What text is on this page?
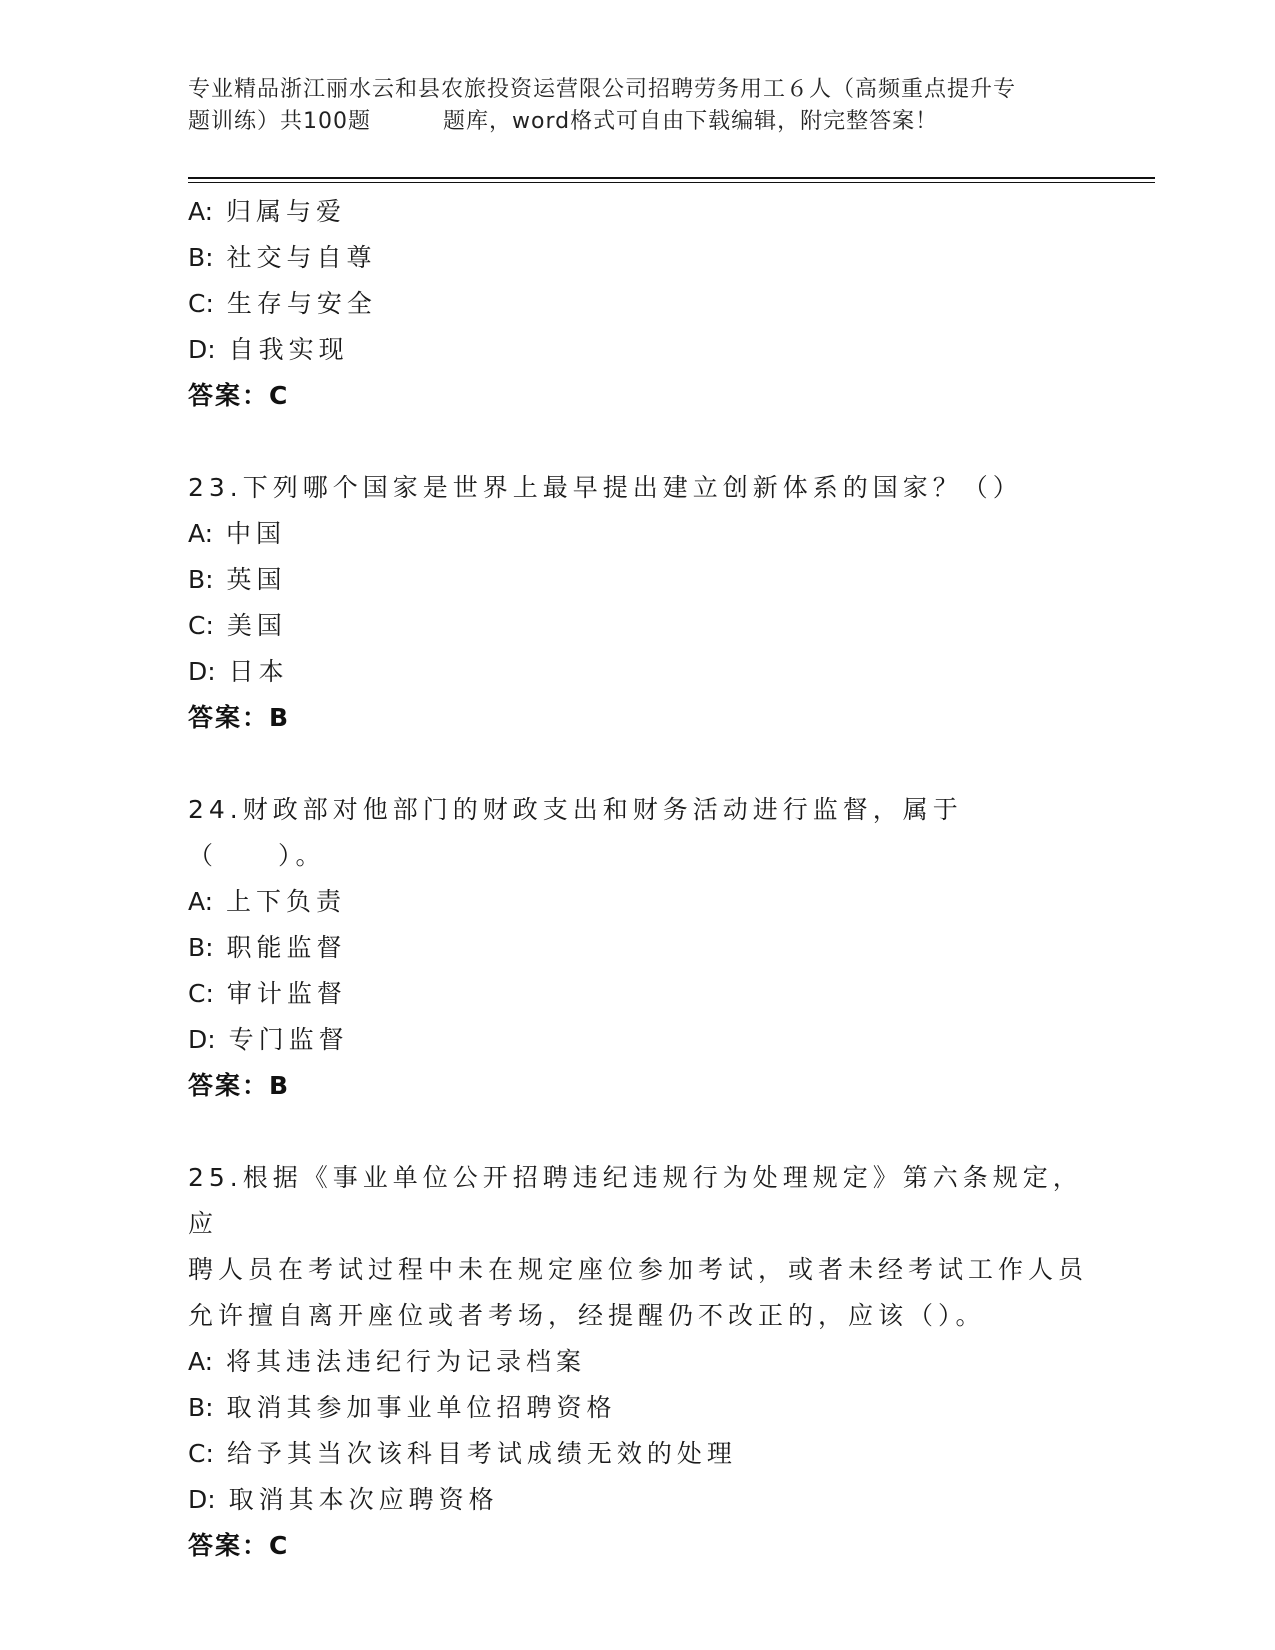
专业精品浙江丽水云和县农旅投资运营限公司招聘劳务用工６人（高频重点提升专
题训练）共100题	题库，word格式可自由下载编辑，附完整答案！
A: 归属与爱
B: 社交与自尊
C: 生存与安全
D: 自我实现
答案：C
23.下列哪个国家是世界上最早提出建立创新体系的国家？（）
A: 中国
B: 英国
C: 美国
D: 日本
答案：B
24.财政部对他部门的财政支出和财务活动进行监督，属于（　　）。
A: 上下负责
B: 职能监督
C: 审计监督
D: 专门监督
答案：B
25.根据《事业单位公开招聘违纪违规行为处理规定》第六条规定，应
聘人员在考试过程中未在规定座位参加考试，或者未经考试工作人员
允许擅自离开座位或者考场，经提醒仍不改正的，应该（）。
A: 将其违法违纪行为记录档案
B: 取消其参加事业单位招聘资格
C: 给予其当次该科目考试成绩无效的处理
D: 取消其本次应聘资格
答案：C
